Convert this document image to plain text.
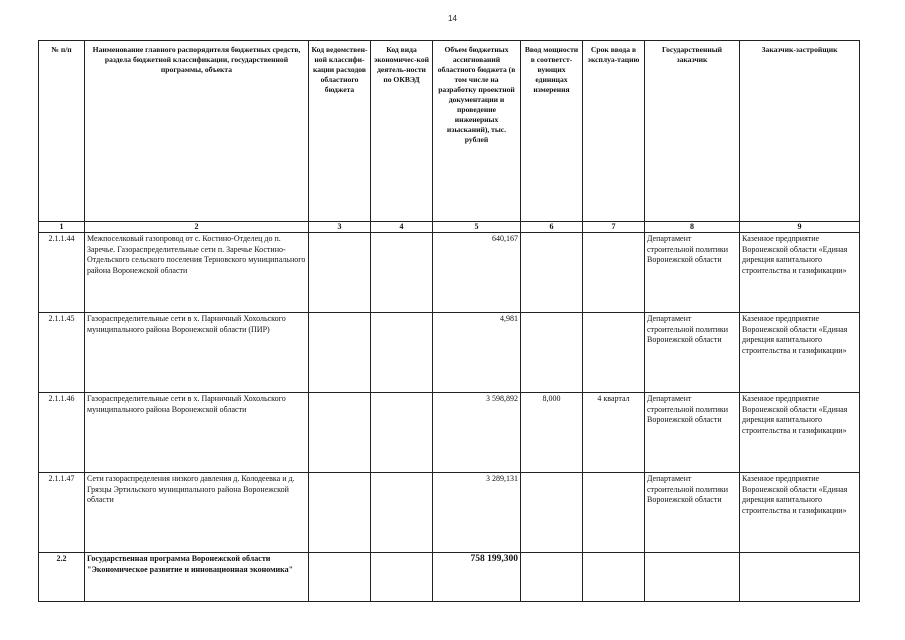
14
№ п/п	Наименование главного распорядителя бюджетных средств, раздела бюджетной классификации, государственной программы, объекта	Код ведомствен-ной классифи-кации расходов областного бюджета	Код вида экономичес-кой деятель-ности по ОКВЭД	Объем бюджетных ассигнований областного бюджета (в том числе на разработку проектной документации и проведение инженерных изысканий), тыс. рублей	Ввод мощности в соответст-вующих единицах измерения	Срок ввода в эксплуа-тацию	Государственный заказчик	Заказчик-застройщик
1	2	3	4	5	6	7	8	9
2.1.1.44	Межпоселковый газопровод от с. Костино-Отделец до п. Заречье. Газораспределительные сети п. Заречье Костино-Отдельского сельского поселения Терновского муниципального района Воронежской области			640,167			Департамент строительной политики Воронежской области	Казенное предприятие Воронежской области «Единая дирекция капитального строительства и газификации»
2.1.1.45	Газораспределительные сети в х. Парничный Хохольского муниципального района Воронежской области (ПИР)			4,981			Департамент строительной политики Воронежской области	Казенное предприятие Воронежской области «Единая дирекция капитального строительства и газификации»
2.1.1.46	Газораспределительные сети в х. Парничный Хохольского муниципального района Воронежской области			3 598,892	8,000	4 квартал	Департамент строительной политики Воронежской области	Казенное предприятие Воронежской области «Единая дирекция капитального строительства и газификации»
2.1.1.47	Сети газораспределения низкого давления д. Колодеевка и д. Грязцы Эртильского муниципального района Воронежской области			3 289,131			Департамент строительной политики Воронежской области	Казенное предприятие Воронежской области «Единая дирекция капитального строительства и газификации»
2.2	Государственная программа Воронежской области "Экономическое развитие и инновационная экономика"			758 199,300				
